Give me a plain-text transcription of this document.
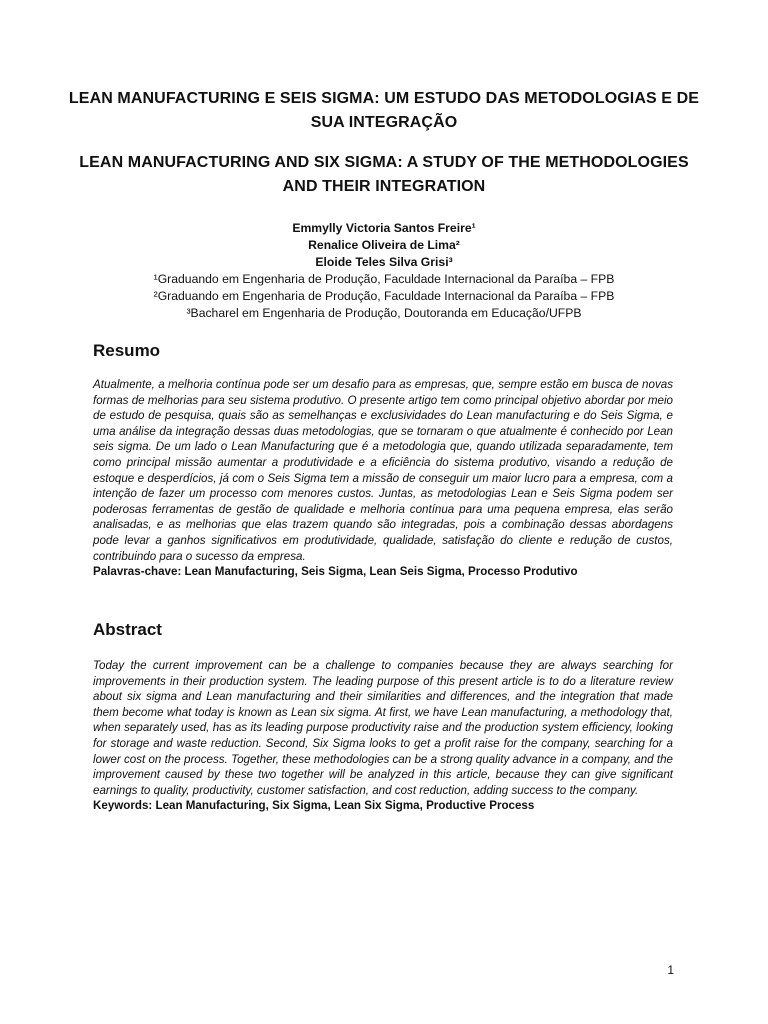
LEAN MANUFACTURING E SEIS SIGMA: UM ESTUDO DAS METODOLOGIAS E DE SUA INTEGRAÇÃO
LEAN MANUFACTURING AND SIX SIGMA: A STUDY OF THE METHODOLOGIES AND THEIR INTEGRATION
Emmylly Victoria Santos Freire¹
Renalice Oliveira de Lima²
Eloide Teles Silva Grisi³
¹Graduando em Engenharia de Produção, Faculdade Internacional da Paraíba – FPB
²Graduando em Engenharia de Produção, Faculdade Internacional da Paraíba – FPB
³Bacharel em Engenharia de Produção, Doutoranda em Educação/UFPB
Resumo

Atualmente, a melhoria contínua pode ser um desafio para as empresas, que, sempre estão em busca de novas formas de melhorias para seu sistema produtivo. O presente artigo tem como principal objetivo abordar por meio de estudo de pesquisa, quais são as semelhanças e exclusividades do Lean manufacturing e do Seis Sigma, e uma análise da integração dessas duas metodologias, que se tornaram o que atualmente é conhecido por Lean seis sigma. De um lado o Lean Manufacturing que é a metodologia que, quando utilizada separadamente, tem como principal missão aumentar a produtividade e a eficiência do sistema produtivo, visando a redução de estoque e desperdícios, já com o Seis Sigma tem a missão de conseguir um maior lucro para a empresa, com a intenção de fazer um processo com menores custos. Juntas, as metodologias Lean e Seis Sigma podem ser poderosas ferramentas de gestão de qualidade e melhoria contínua para uma pequena empresa, elas serão analisadas, e as melhorias que elas trazem quando são integradas, pois a combinação dessas abordagens pode levar a ganhos significativos em produtividade, qualidade, satisfação do cliente e redução de custos, contribuindo para o sucesso da empresa.

Palavras-chave: Lean Manufacturing, Seis Sigma, Lean Seis Sigma, Processo Produtivo

Abstract

Today the current improvement can be a challenge to companies because they are always searching for improvements in their production system. The leading purpose of this present article is to do a literature review about six sigma and Lean manufacturing and their similarities and differences, and the integration that made them become what today is known as Lean six sigma. At first, we have Lean manufacturing, a methodology that, when separately used, has as its leading purpose productivity raise and the production system efficiency, looking for storage and waste reduction. Second, Six Sigma looks to get a profit raise for the company, searching for a lower cost on the process. Together, these methodologies can be a strong quality advance in a company, and the improvement caused by these two together will be analyzed in this article, because they can give significant earnings to quality, productivity, customer satisfaction, and cost reduction, adding success to the company.

Keywords: Lean Manufacturing, Six Sigma, Lean Six Sigma, Productive Process

1
